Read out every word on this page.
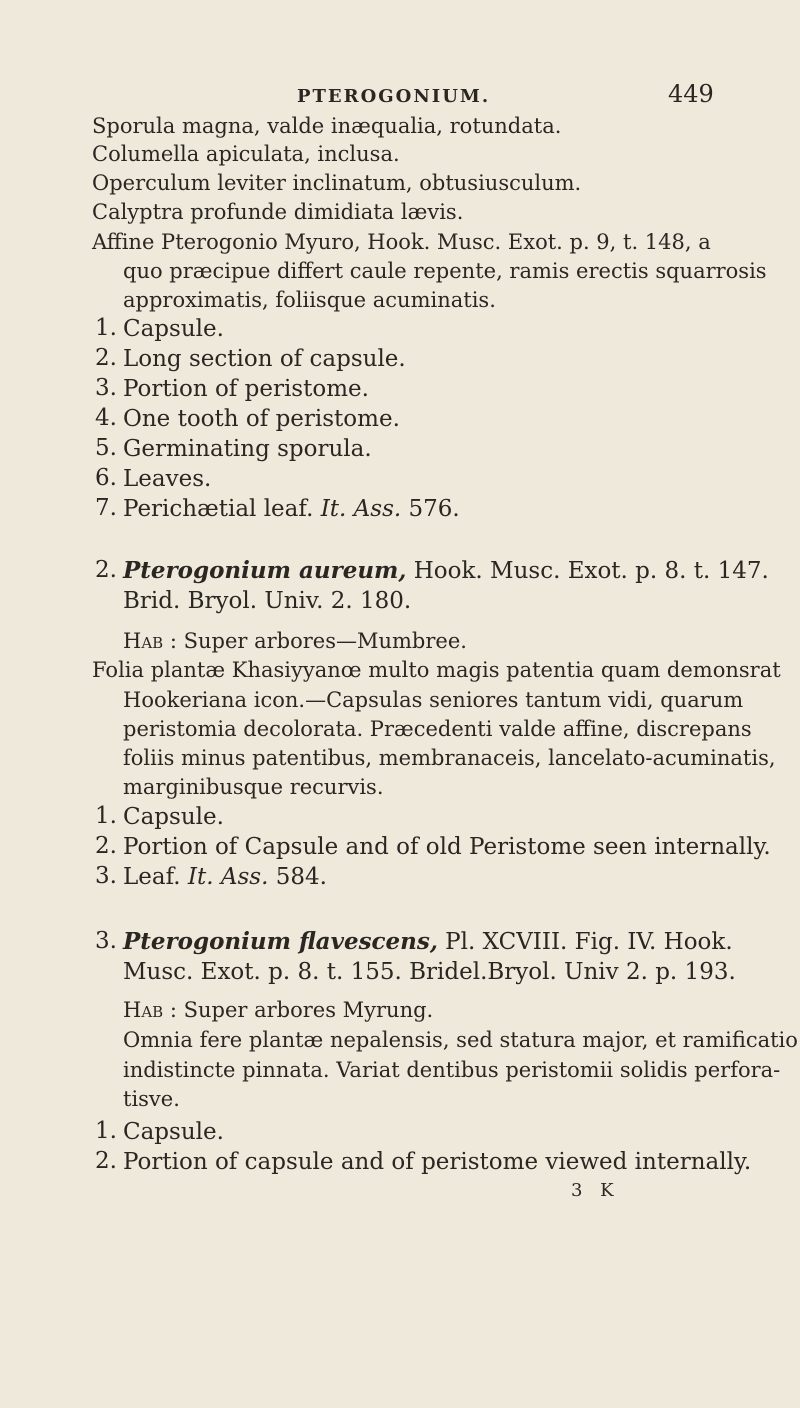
PTEROGONIUM.	449
Sporula magna, valde inæqualia, rotundata.
Columella apiculata, inclusa.
Operculum leviter inclinatum, obtusiusculum.
Calyptra profunde dimidiata lævis.
Affine Pterogonio Myuro, Hook. Musc. Exot. p. 9, t. 148, a
quo præcipue differt caule repente, ramis erectis squarrosis
approximatis, foliisque acuminatis.
1. Capsule.
2. Long section of capsule.
3. Portion of peristome.
4. One tooth of peristome.
5. Germinating sporula.
6. Leaves.
7. Perichætial leaf. It. Ass. 576.
2. Pterogonium aureum, Hook. Musc. Exot. p. 8. t. 147.
Brid. Bryol. Univ. 2. 180.
Hab : Super arbores—Mumbree.
Folia plantæ Khasiyyanœ multo magis patentia quam demonsrat
Hookeriana icon.—Capsulas seniores tantum vidi, quarum
peristomia decolorata. Præcedenti valde affine, discrepans
foliis minus patentibus, membranaceis, lancelato-acuminatis,
marginibusque recurvis.
1. Capsule.
2. Portion of Capsule and of old Peristome seen internally.
3. Leaf. It. Ass. 584.
3. Pterogonium flavescens, Pl. XCVIII. Fig. IV. Hook.
Musc. Exot. p. 8. t. 155. Bridel.Bryol. Univ 2. p. 193.
Hab : Super arbores Myrung.
Omnia fere plantæ nepalensis, sed statura major, et ramificatio
indistincte pinnata. Variat dentibus peristomii solidis perfora-
tisve.
1. Capsule.
2. Portion of capsule and of peristome viewed internally.
3 K
